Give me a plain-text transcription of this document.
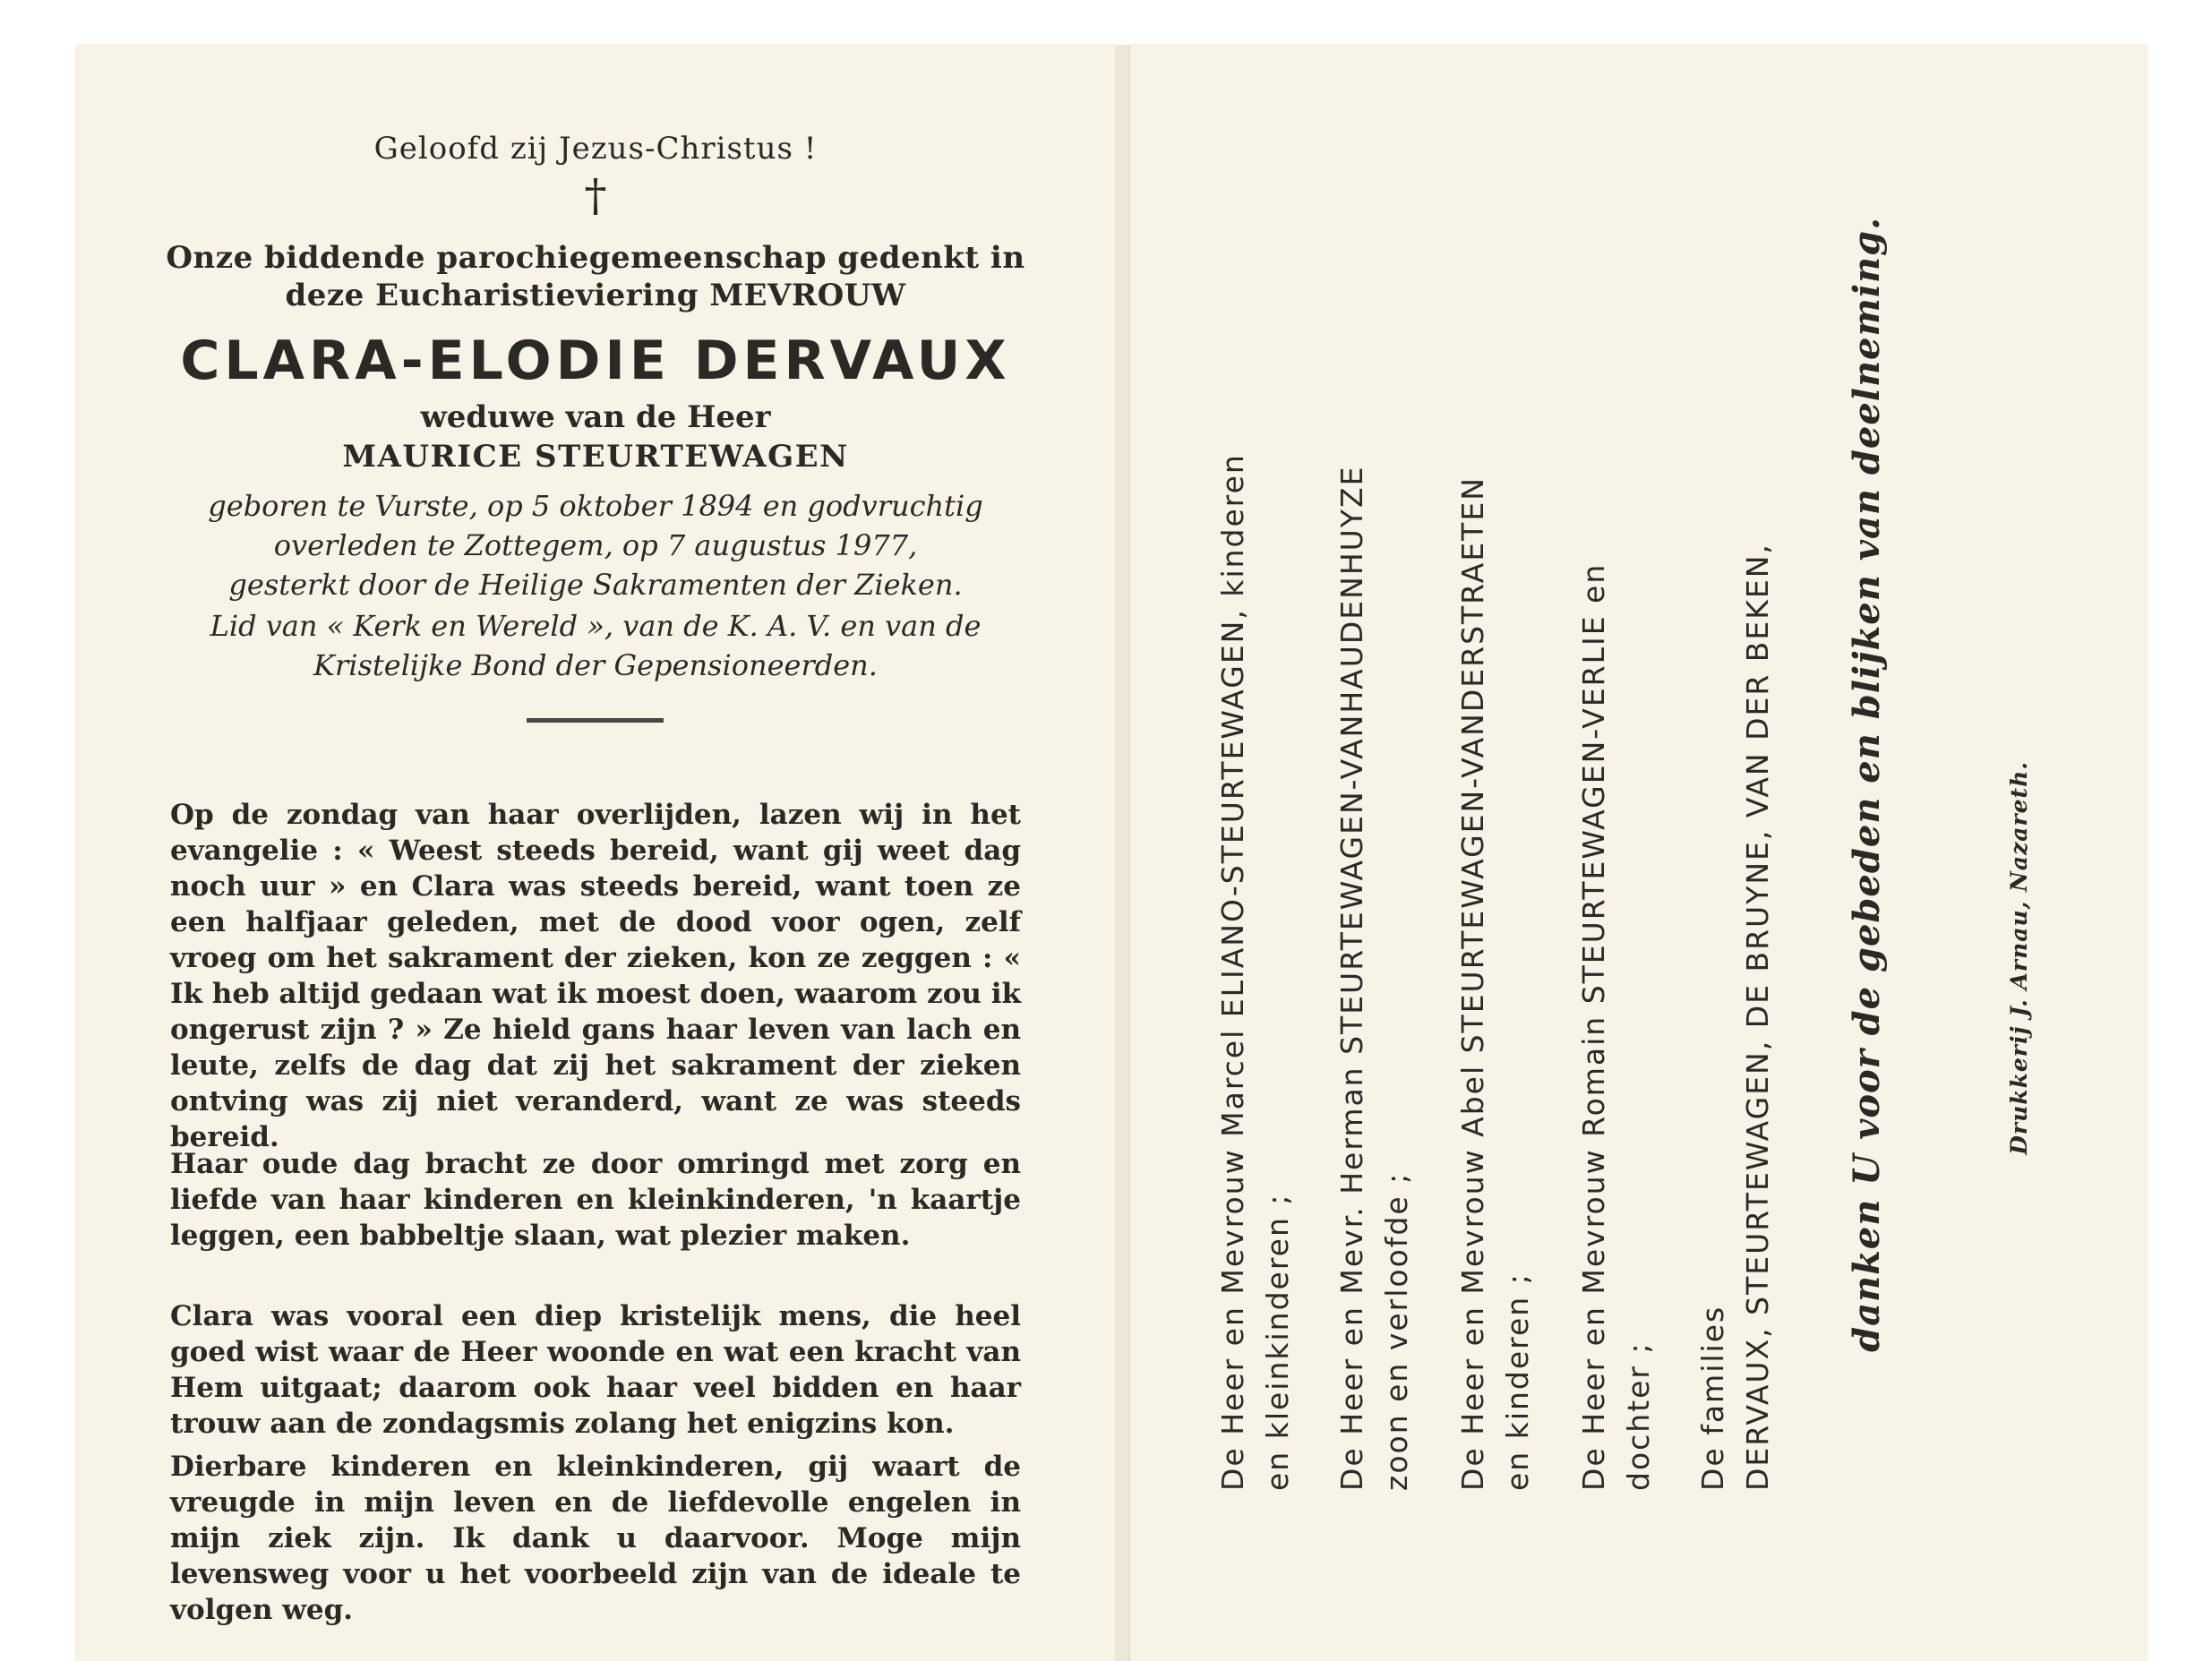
Geloofd zij Jezus-Christus !
†
Onze biddende parochiegemeenschap gedenkt in
deze Eucharistieviering MEVROUW
CLARA-ELODIE DERVAUX
weduwe van de Heer
MAURICE STEURTEWAGEN
geboren te Vurste, op 5 oktober 1894 en godvruchtig
overleden te Zottegem, op 7 augustus 1977,
gesterkt door de Heilige Sakramenten der Zieken.
Lid van « Kerk en Wereld », van de K. A. V. en van de
Kristelijke Bond der Gepensioneerden.
Op de zondag van haar overlijden, lazen wij in het evangelie : « Weest steeds bereid, want gij weet dag noch uur » en Clara was steeds bereid, want toen ze een halfjaar geleden, met de dood voor ogen, zelf vroeg om het sakrament der zieken, kon ze zeggen : « Ik heb altijd gedaan wat ik moest doen, waarom zou ik ongerust zijn ? » Ze hield gans haar leven van lach en leute, zelfs de dag dat zij het sakrament der zieken ontving was zij niet veranderd, want ze was steeds bereid.
Haar oude dag bracht ze door omringd met zorg en liefde van haar kinderen en kleinkinderen, 'n kaartje leggen, een babbeltje slaan, wat plezier maken.
Clara was vooral een diep kristelijk mens, die heel goed wist waar de Heer woonde en wat een kracht van Hem uitgaat; daarom ook haar veel bidden en haar trouw aan de zondagsmis zolang het enigzins kon.
Dierbare kinderen en kleinkinderen, gij waart de vreugde in mijn leven en de liefdevolle engelen in mijn ziek zijn. Ik dank u daarvoor. Moge mijn levensweg voor u het voorbeeld zijn van de ideale te volgen weg.
De Heer en Mevrouw Marcel ELIANO-STEURTEWAGEN, kinderen
en kleinkinderen ;
De Heer en Mevr. Herman STEURTEWAGEN-VANHAUDENHUYZE
zoon en verloofde ;
De Heer en Mevrouw Abel STEURTEWAGEN-VANDERSTRAETEN
en kinderen ;
De Heer en Mevrouw Romain STEURTEWAGEN-VERLIE en
dochter ;
De families
DERVAUX, STEURTEWAGEN, DE BRUYNE, VAN DER BEKEN, danken U voor de gebeden en blijken van deelneming.	Drukkerij J. Arnau, Nazareth.
